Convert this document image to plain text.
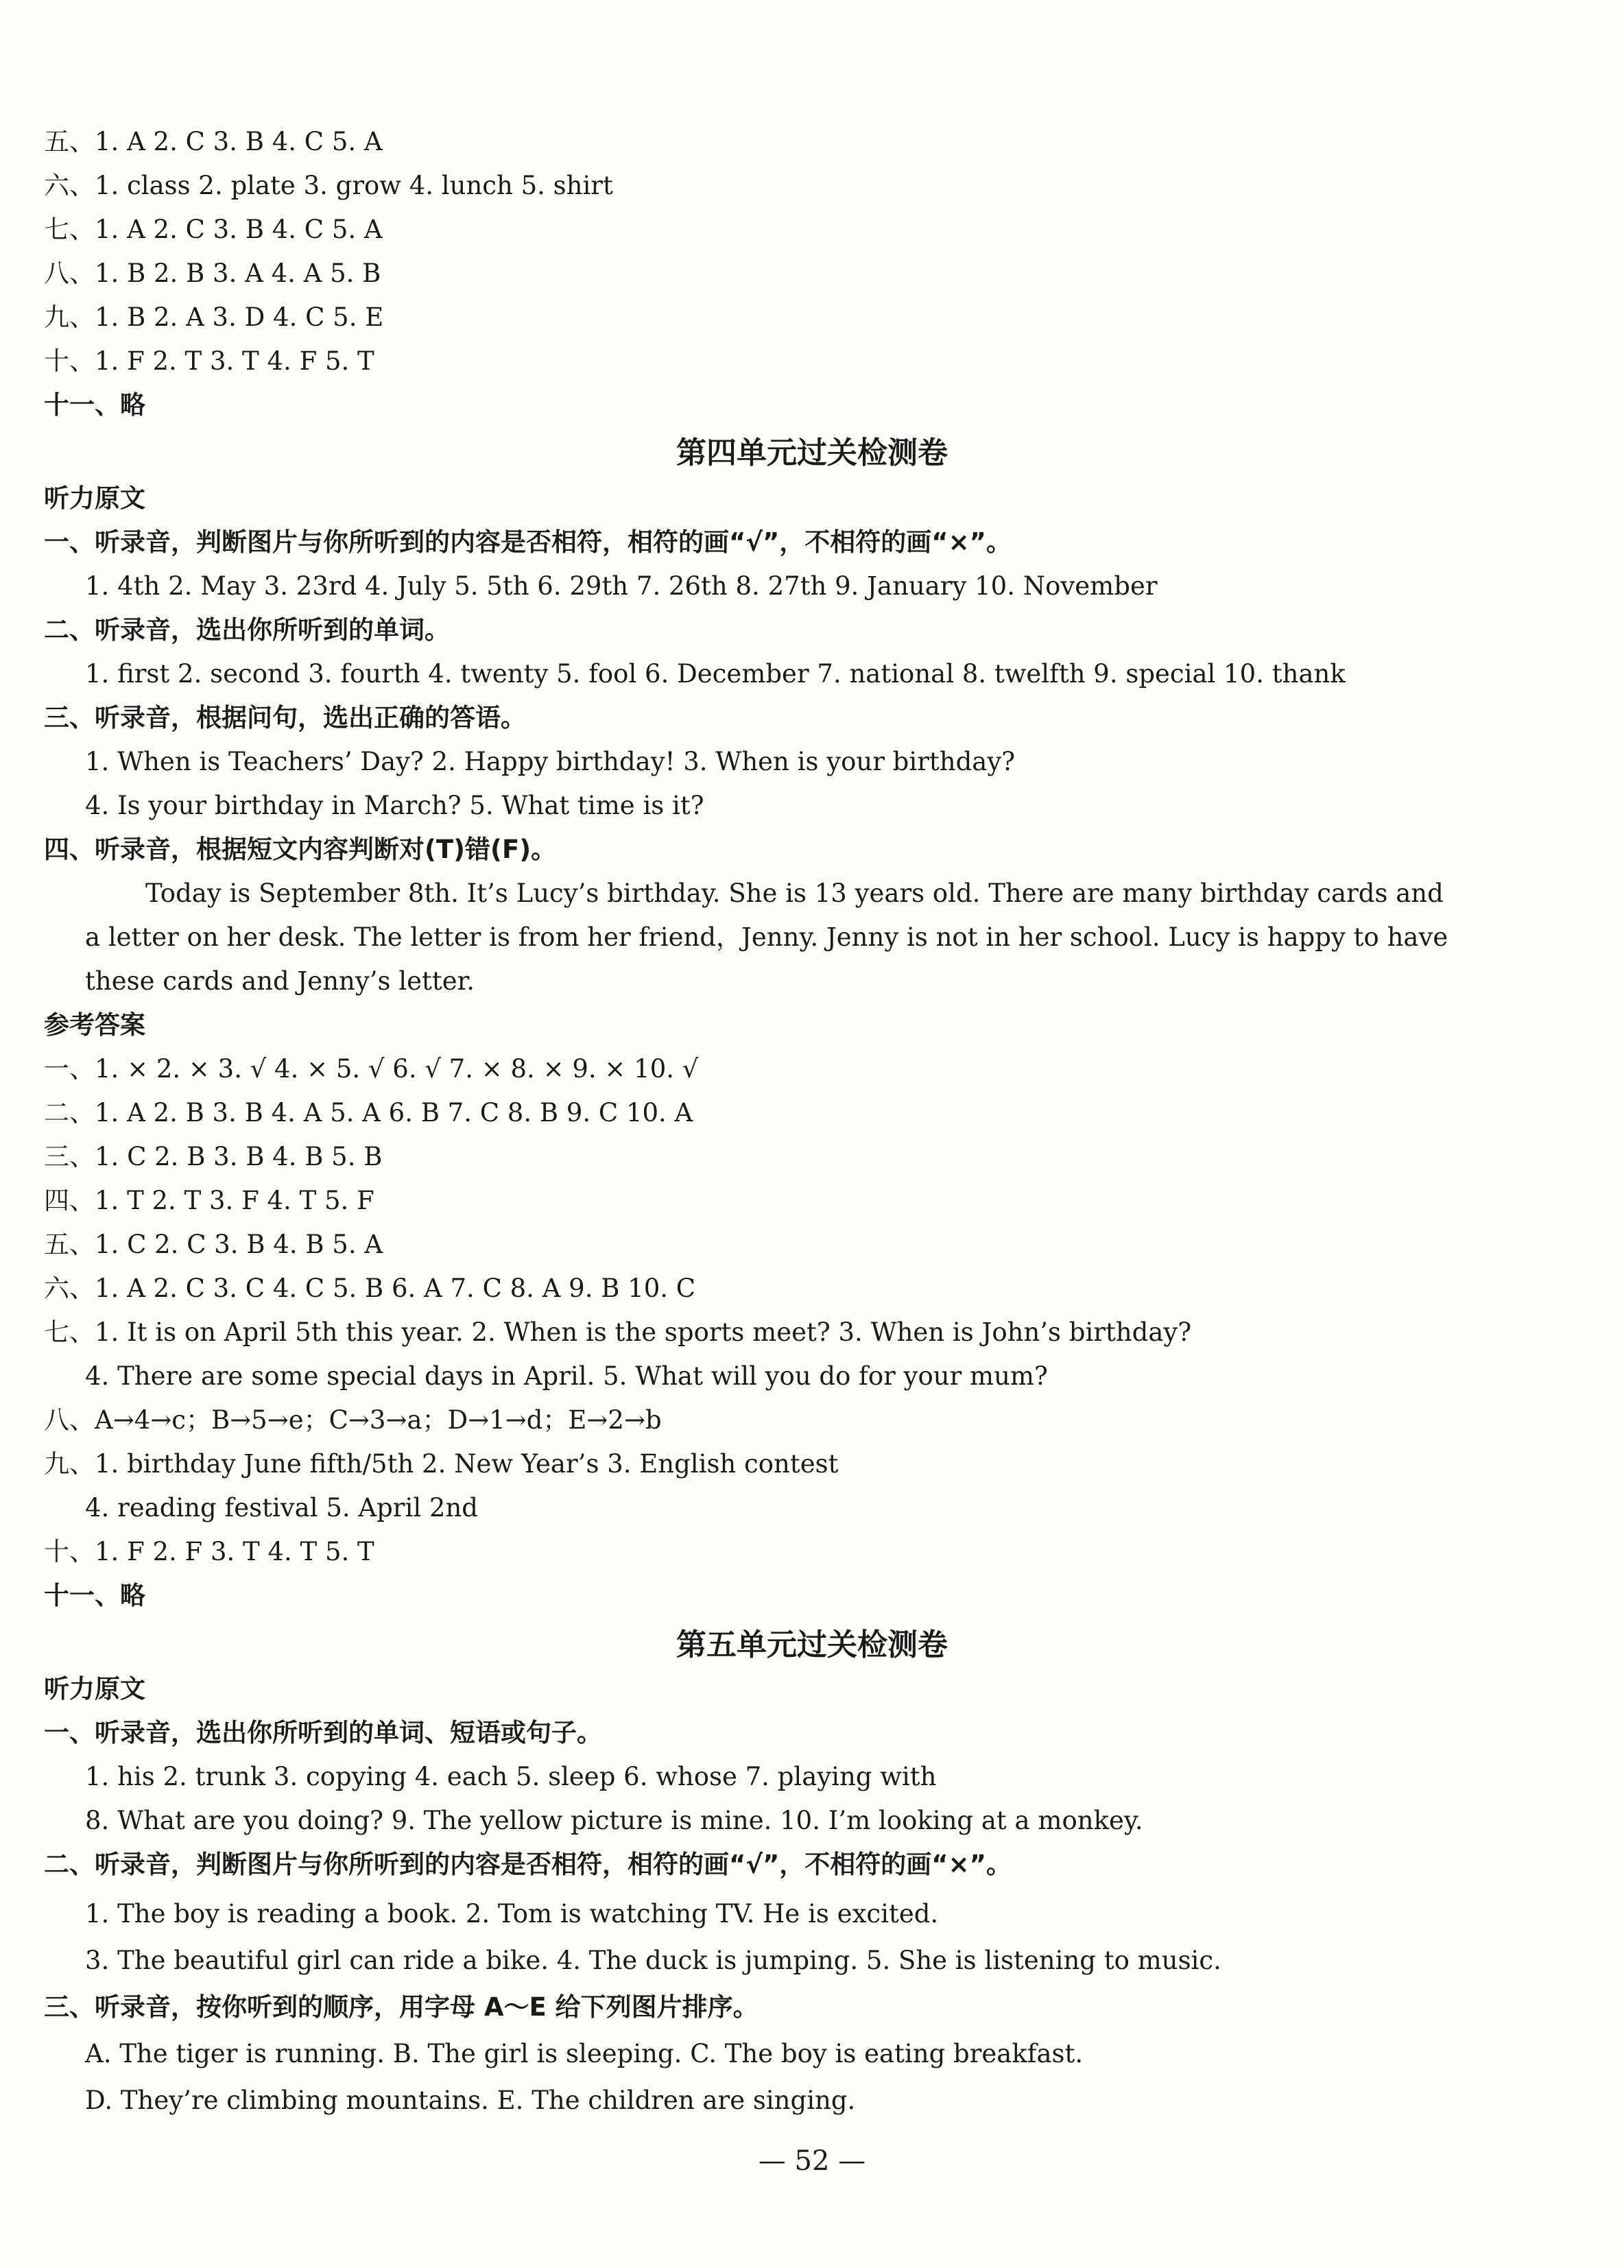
五、1. A 2. C 3. B 4. C 5. A
六、1. class 2. plate 3. grow 4. lunch 5. shirt
七、1. A 2. C 3. B 4. C 5. A
八、1. B 2. B 3. A 4. A 5. B
九、1. B 2. A 3. D 4. C 5. E
十、1. F 2. T 3. T 4. F 5. T
十一、略
第四单元过关检测卷
听力原文
一、听录音，判断图片与你所听到的内容是否相符，相符的画“√”，不相符的画“×”。
1. 4th 2. May 3. 23rd 4. July 5. 5th 6. 29th 7. 26th 8. 27th 9. January 10. November
二、听录音，选出你所听到的单词。
1. first 2. second 3. fourth 4. twenty 5. fool 6. December 7. national 8. twelfth 9. special 10. thank
三、听录音，根据问句，选出正确的答语。
1. When is Teachers’ Day? 2. Happy birthday! 3. When is your birthday?
4. Is your birthday in March? 5. What time is it?
四、听录音，根据短文内容判断对(T)错(F)。
Today is September 8th. It’s Lucy’s birthday. She is 13 years old. There are many birthday cards and
a letter on her desk. The letter is from her friend，Jenny. Jenny is not in her school. Lucy is happy to have
these cards and Jenny’s letter.
参考答案
一、1. × 2. × 3. √ 4. × 5. √ 6. √ 7. × 8. × 9. × 10. √
二、1. A 2. B 3. B 4. A 5. A 6. B 7. C 8. B 9. C 10. A
三、1. C 2. B 3. B 4. B 5. B
四、1. T 2. T 3. F 4. T 5. F
五、1. C 2. C 3. B 4. B 5. A
六、1. A 2. C 3. C 4. C 5. B 6. A 7. C 8. A 9. B 10. C
七、1. It is on April 5th this year. 2. When is the sports meet? 3. When is John’s birthday?
4. There are some special days in April. 5. What will you do for your mum?
八、A→4→c；B→5→e；C→3→a；D→1→d；E→2→b
九、1. birthday June fifth/5th 2. New Year’s 3. English contest
4. reading festival 5. April 2nd
十、1. F 2. F 3. T 4. T 5. T
十一、略
第五单元过关检测卷
听力原文
一、听录音，选出你所听到的单词、短语或句子。
1. his 2. trunk 3. copying 4. each 5. sleep 6. whose 7. playing with
8. What are you doing? 9. The yellow picture is mine. 10. I’m looking at a monkey.
二、听录音，判断图片与你所听到的内容是否相符，相符的画“√”，不相符的画“×”。
1. The boy is reading a book. 2. Tom is watching TV. He is excited.
3. The beautiful girl can ride a bike. 4. The duck is jumping. 5. She is listening to music.
三、听录音，按你听到的顺序，用字母 A～E 给下列图片排序。
A. The tiger is running. B. The girl is sleeping. C. The boy is eating breakfast.
D. They’re climbing mountains. E. The children are singing.
— 52 —
